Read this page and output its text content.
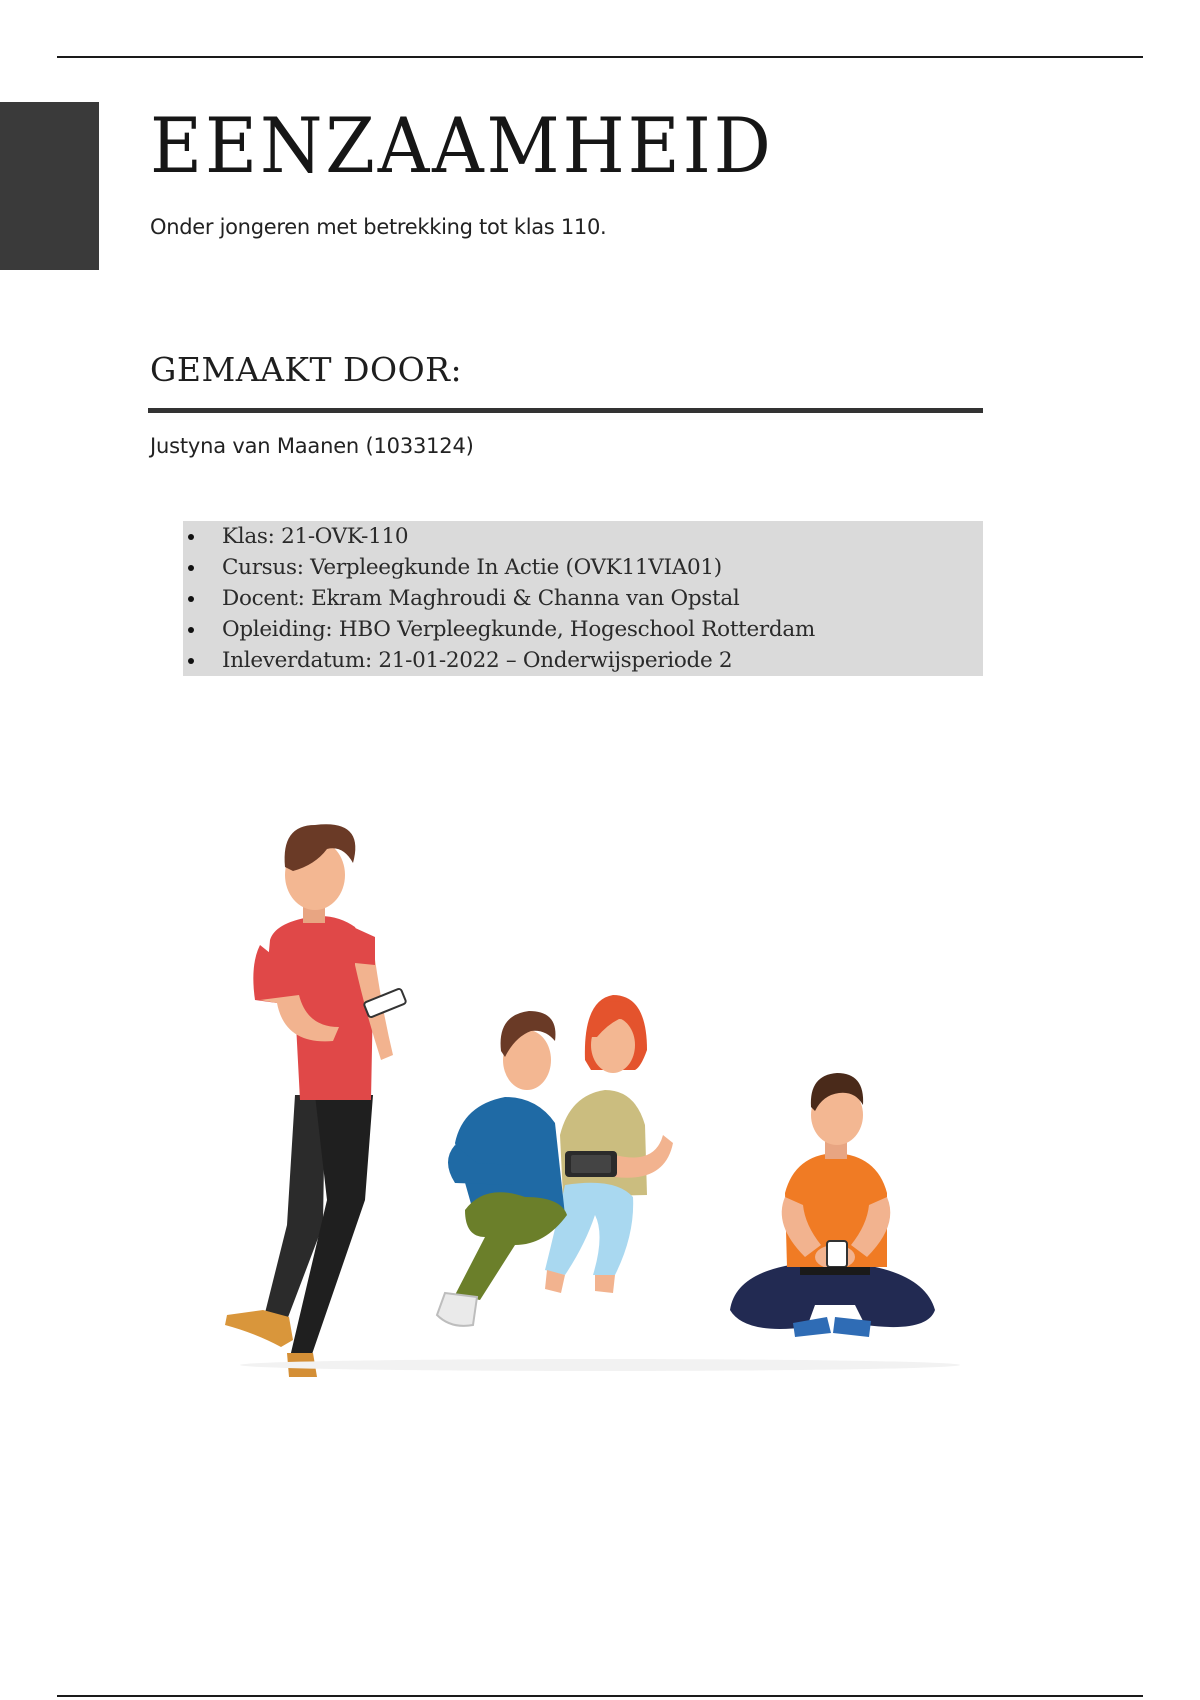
EENZAAMHEID

Onder jongeren met betrekking tot klas 110.

GEMAAKT DOOR:

Justyna van Maanen (1033124)

Klas: 21-OVK-110
Cursus: Verpleegkunde In Actie (OVK11VIA01)
Docent: Ekram Maghroudi & Channa van Opstal
Opleiding: HBO Verpleegkunde, Hogeschool Rotterdam
Inleverdatum: 21-01-2022 – Onderwijsperiode 2
